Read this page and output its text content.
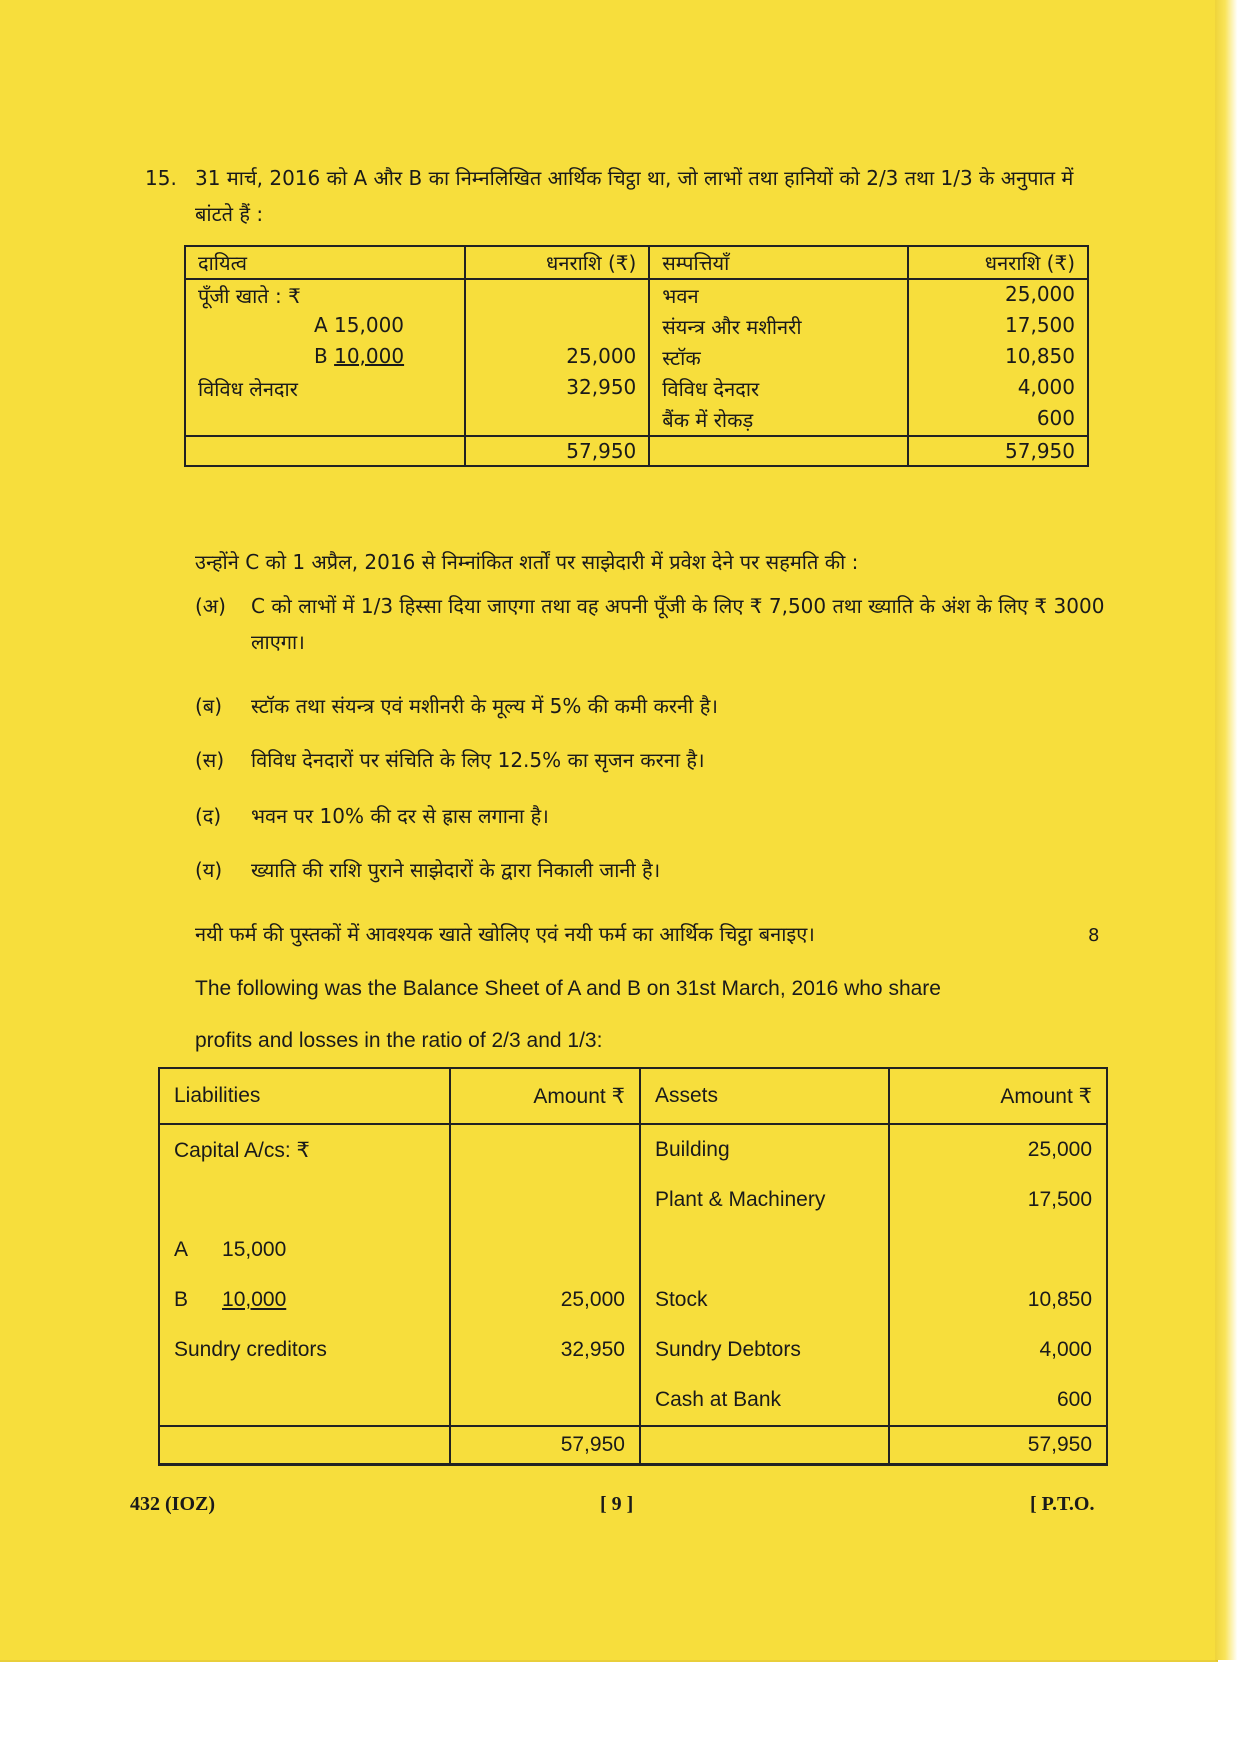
15. 31 मार्च, 2016 को A और B का निम्नलिखित आर्थिक चिट्ठा था, जो लाभों तथा हानियों को 2/3 तथा 1/3 के अनुपात में बांटते हैं :
दायित्व	धनराशि (₹)	सम्पत्तियाँ	धनराशि (₹)
पूँजी खाते : ₹		भवन	25,000
A 15,000		संयन्त्र और मशीनरी	17,500
B 10,000	25,000	स्टॉक	10,850
विविध लेनदार	32,950	विविध देनदार	4,000
		बैंक में रोकड़	600
	57,950		57,950
उन्होंने C को 1 अप्रैल, 2016 से निम्नांकित शर्तों पर साझेदारी में प्रवेश देने पर सहमति की :
(अ) C को लाभों में 1/3 हिस्सा दिया जाएगा तथा वह अपनी पूँजी के लिए ₹ 7,500 तथा ख्याति के अंश के लिए ₹ 3000 लाएगा।
(ब) स्टॉक तथा संयन्त्र एवं मशीनरी के मूल्य में 5% की कमी करनी है।
(स) विविध देनदारों पर संचिति के लिए 12.5% का सृजन करना है।
(द) भवन पर 10% की दर से ह्रास लगाना है।
(य) ख्याति की राशि पुराने साझेदारों के द्वारा निकाली जानी है।
नयी फर्म की पुस्तकों में आवश्यक खाते खोलिए एवं नयी फर्म का आर्थिक चिट्ठा बनाइए।	8
The following was the Balance Sheet of A and B on 31st March, 2016 who share
profits and losses in the ratio of 2/3 and 1/3:
Liabilities	Amount ₹	Assets	Amount ₹
Capital A/cs: ₹		Building	25,000
		Plant & Machinery	17,500
A 15,000			
B 10,000	25,000	Stock	10,850
Sundry creditors	32,950	Sundry Debtors	4,000
		Cash at Bank	600
	57,950		57,950
432 (IOZ)	[ 9 ]	[ P.T.O.
